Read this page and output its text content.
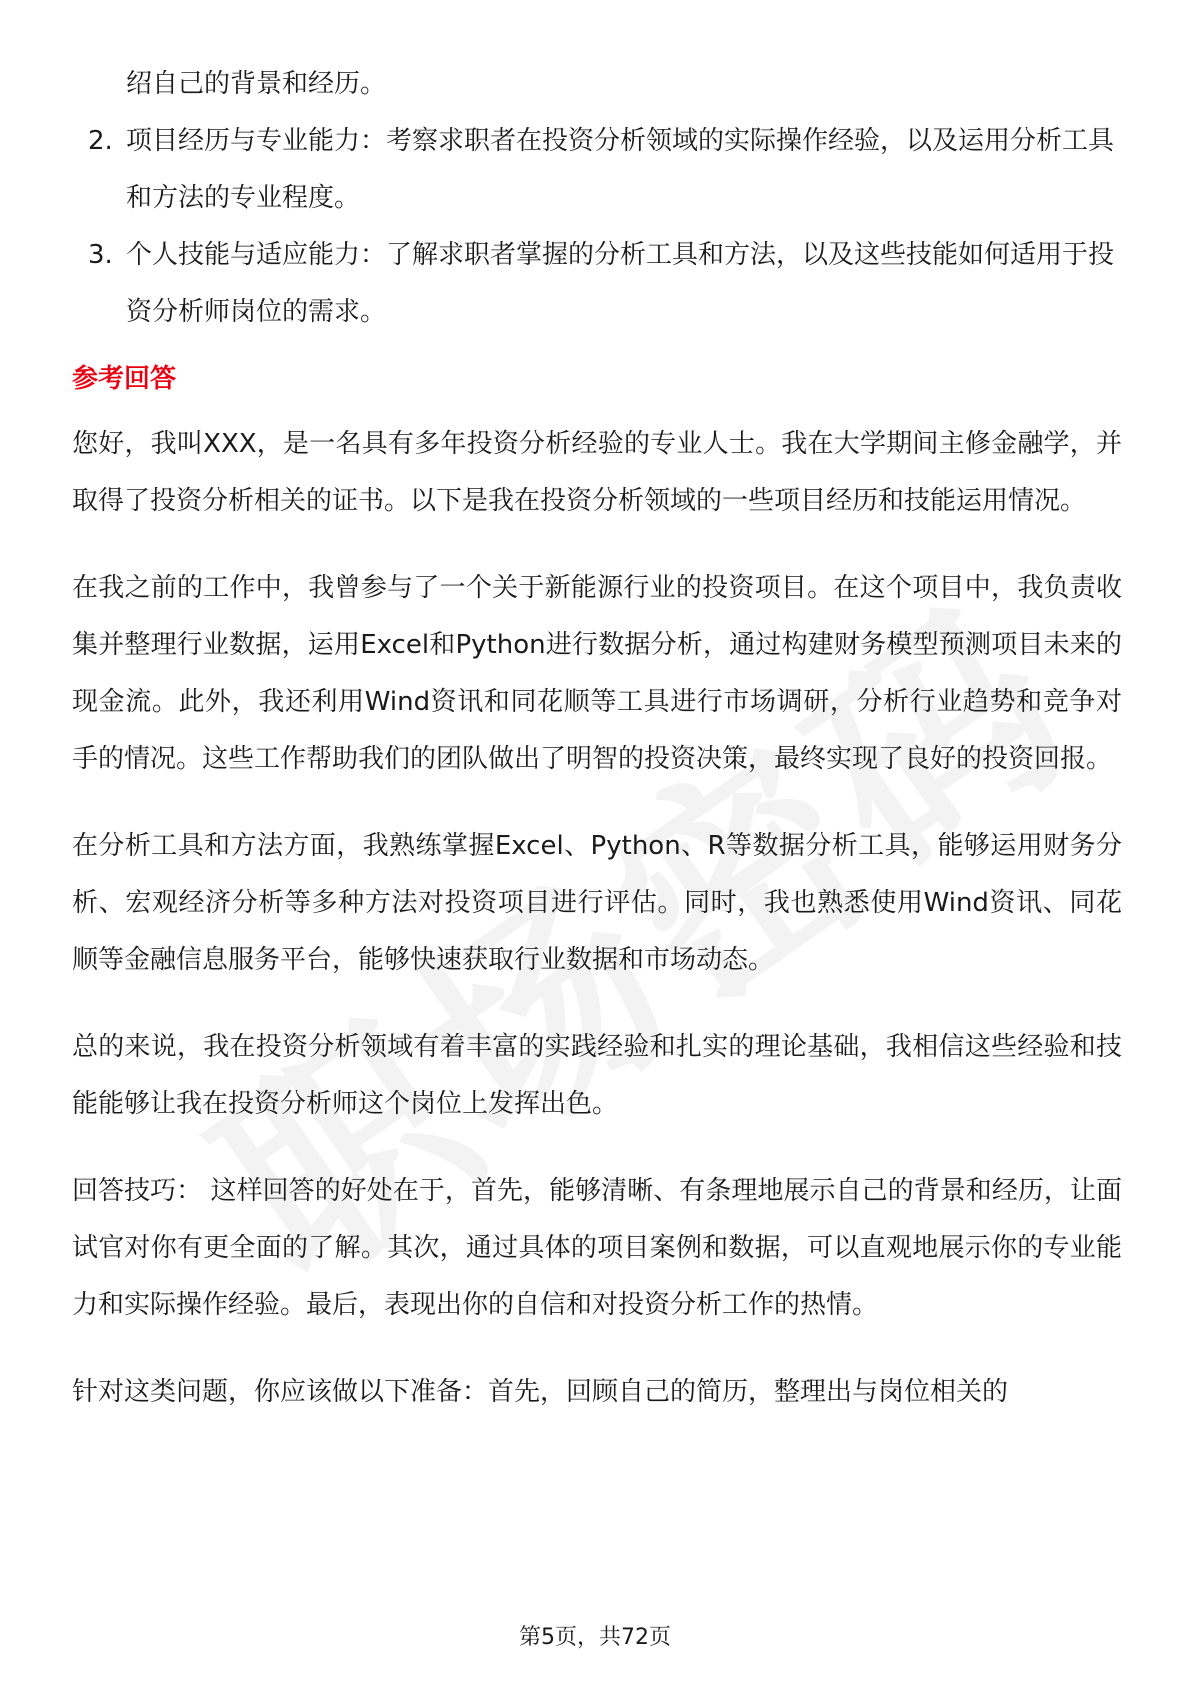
绍自己的背景和经历。

2. 项目经历与专业能力：考察求职者在投资分析领域的实际操作经验，以及运用分析工具和方法的专业程度。
3. 个人技能与适应能力：了解求职者掌握的分析工具和方法，以及这些技能如何适用于投资分析师岗位的需求。
参考回答

您好，我叫XXX，是一名具有多年投资分析经验的专业人士。我在大学期间主修金融学，并取得了投资分析相关的证书。以下是我在投资分析领域的一些项目经历和技能运用情况。

在我之前的工作中，我曾参与了一个关于新能源行业的投资项目。在这个项目中，我负责收集并整理行业数据，运用Excel和Python进行数据分析，通过构建财务模型预测项目未来的现金流。此外，我还利用Wind资讯和同花顺等工具进行市场调研，分析行业趋势和竞争对手的情况。这些工作帮助我们的团队做出了明智的投资决策，最终实现了良好的投资回报。

在分析工具和方法方面，我熟练掌握Excel、Python、R等数据分析工具，能够运用财务分析、宏观经济分析等多种方法对投资项目进行评估。同时，我也熟悉使用Wind资讯、同花顺等金融信息服务平台，能够快速获取行业数据和市场动态。

总的来说，我在投资分析领域有着丰富的实践经验和扎实的理论基础，我相信这些经验和技能能够让我在投资分析师这个岗位上发挥出色。

回答技巧： 这样回答的好处在于，首先，能够清晰、有条理地展示自己的背景和经历，让面试官对你有更全面的了解。其次，通过具体的项目案例和数据，可以直观地展示你的专业能力和实际操作经验。最后，表现出你的自信和对投资分析工作的热情。

针对这类问题，你应该做以下准备：首先，回顾自己的简历，整理出与岗位相关的

第5页，共72页
